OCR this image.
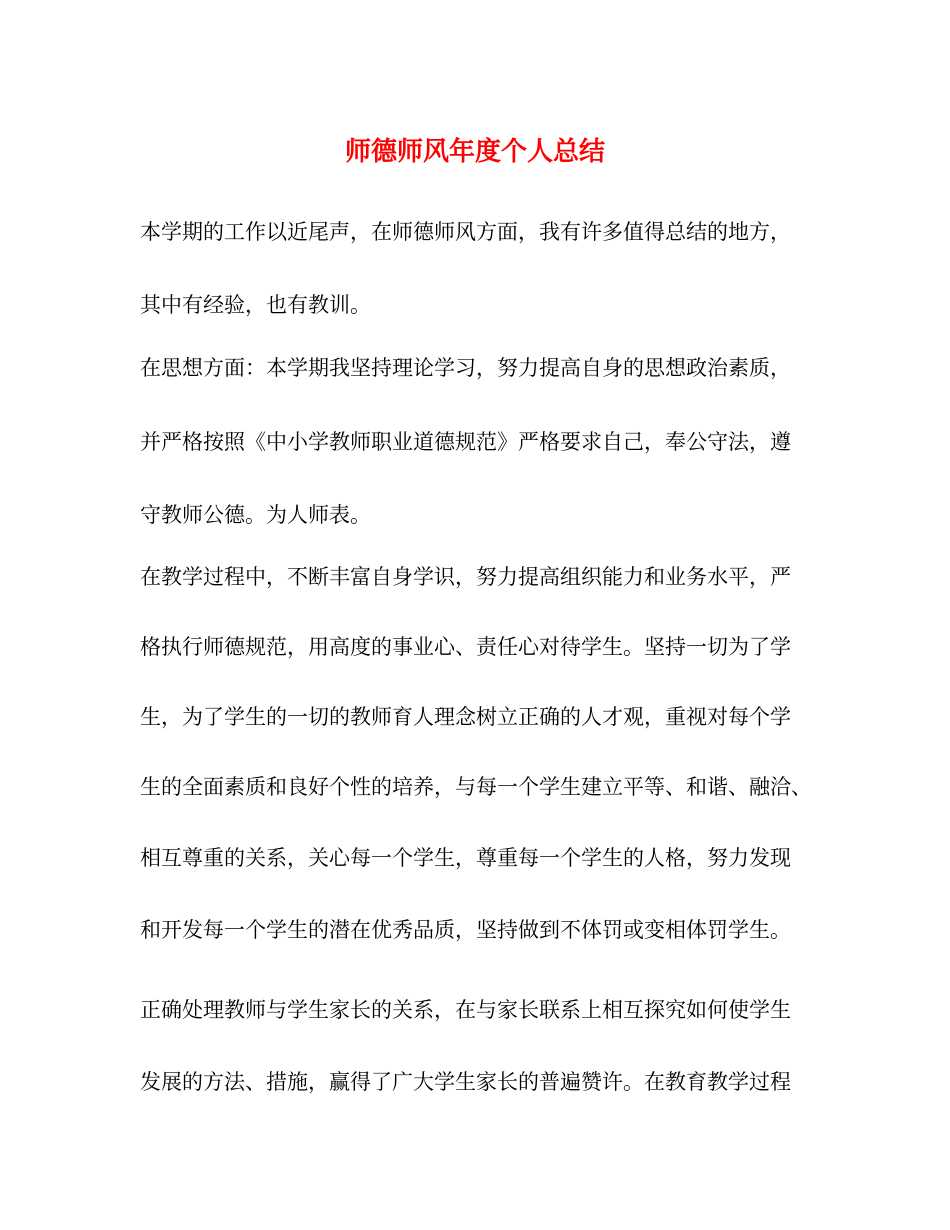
师德师风年度个人总结
本学期的工作以近尾声，在师德师风方面，我有许多值得总结的地方，
其中有经验，也有教训。
在思想方面：本学期我坚持理论学习，努力提高自身的思想政治素质，
并严格按照《中小学教师职业道德规范》严格要求自己，奉公守法，遵
守教师公德。为人师表。
在教学过程中，不断丰富自身学识，努力提高组织能力和业务水平，严
格执行师德规范，用高度的事业心、责任心对待学生。坚持一切为了学
生，为了学生的一切的教师育人理念树立正确的人才观，重视对每个学
生的全面素质和良好个性的培养，与每一个学生建立平等、和谐、融洽、
相互尊重的关系，关心每一个学生，尊重每一个学生的人格，努力发现
和开发每一个学生的潜在优秀品质，坚持做到不体罚或变相体罚学生。
正确处理教师与学生家长的关系，在与家长联系上相互探究如何使学生
发展的方法、措施，赢得了广大学生家长的普遍赞许。在教育教学过程
